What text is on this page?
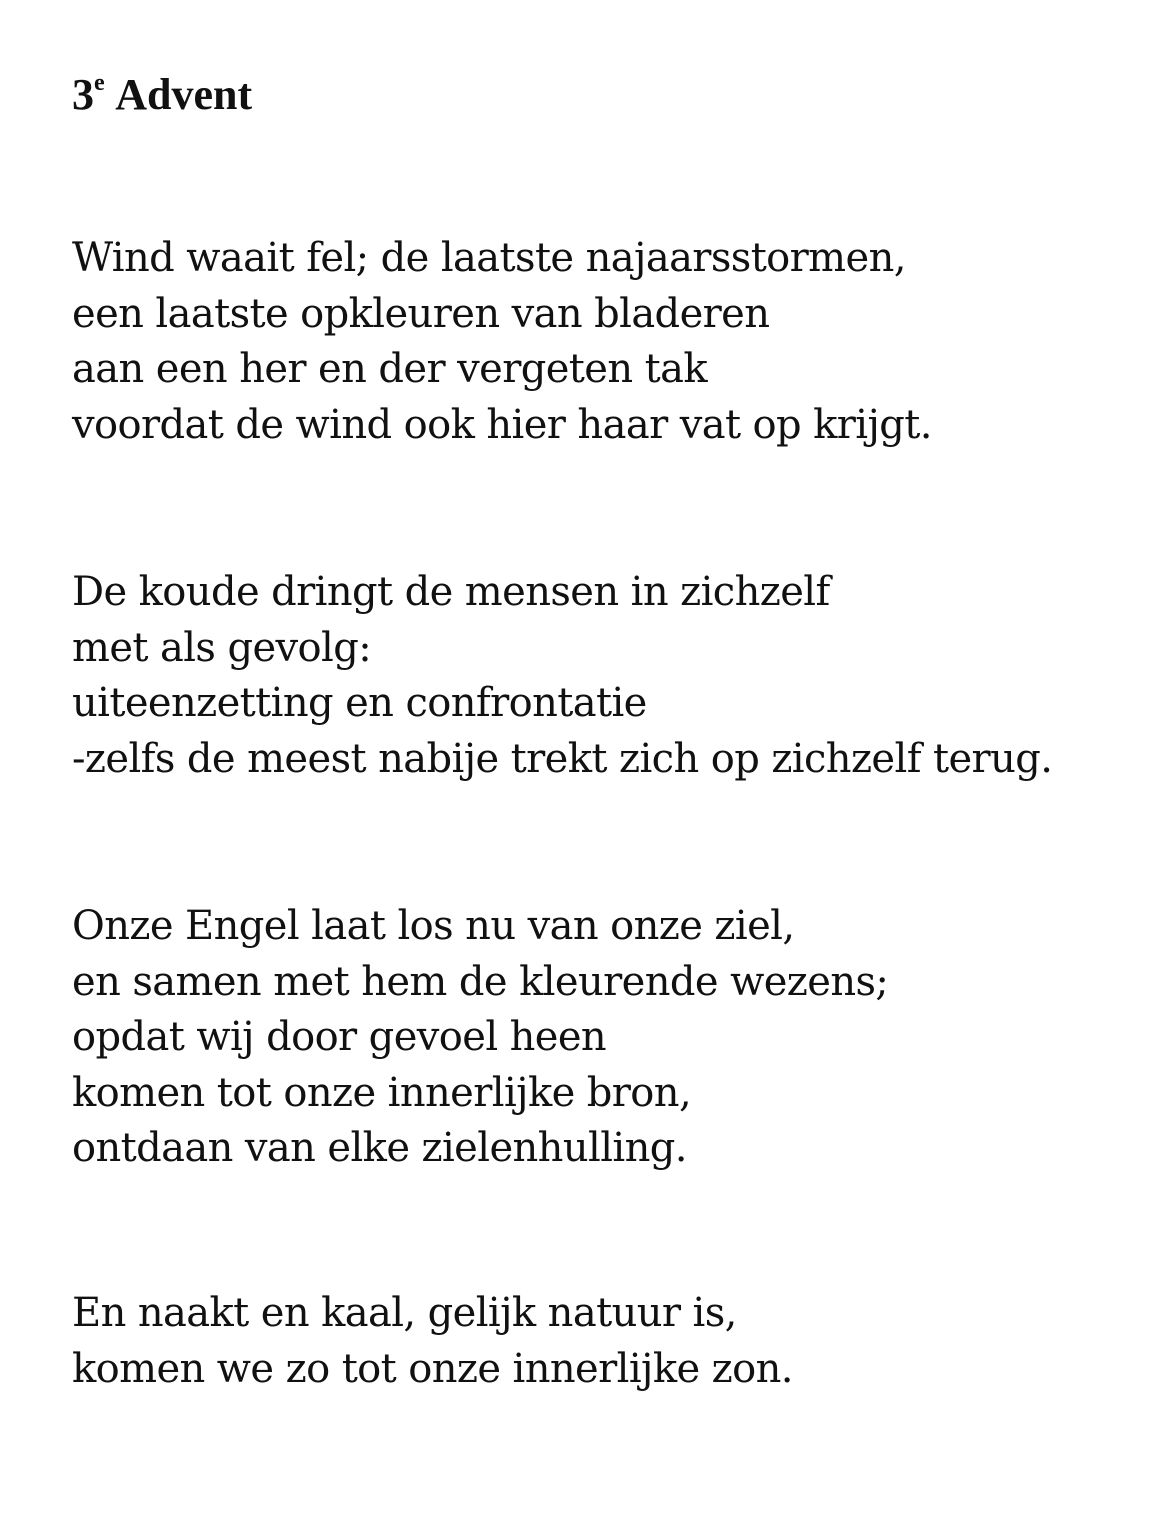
3e Advent
Wind waait fel; de laatste najaarsstormen,
een laatste opkleuren van bladeren
aan een her en der vergeten tak
voordat de wind ook hier haar vat op krijgt.
De koude dringt de mensen in zichzelf
met als gevolg:
uiteenzetting en confrontatie
-zelfs de meest nabije trekt zich op zichzelf terug.
Onze Engel laat los nu van onze ziel,
en samen met hem de kleurende wezens;
opdat wij door gevoel heen
komen tot onze innerlijke bron,
ontdaan van elke zielenhulling.
En naakt en kaal, gelijk natuur is,
komen we zo tot onze innerlijke zon.
